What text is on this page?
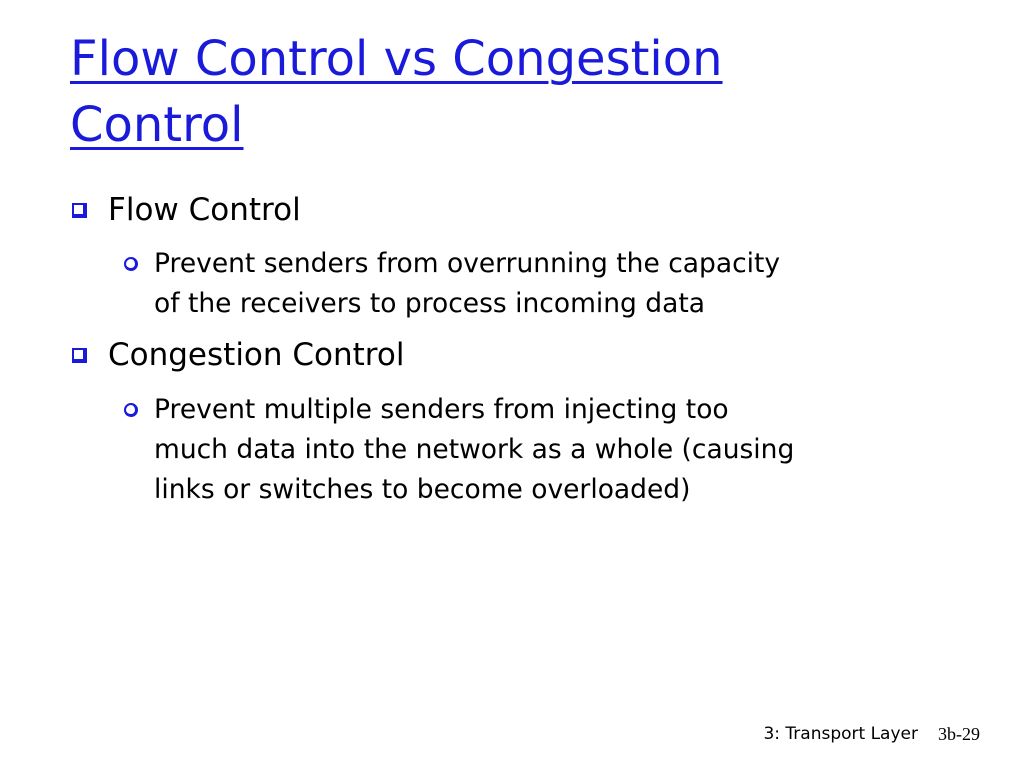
Flow Control vs Congestion
Control
Flow Control
Prevent senders from overrunning the capacity
of the receivers to process incoming data
Congestion Control
Prevent multiple senders from injecting too
much data into the network as a whole (causing
links or switches to become overloaded)
3: Transport Layer 3b-29
